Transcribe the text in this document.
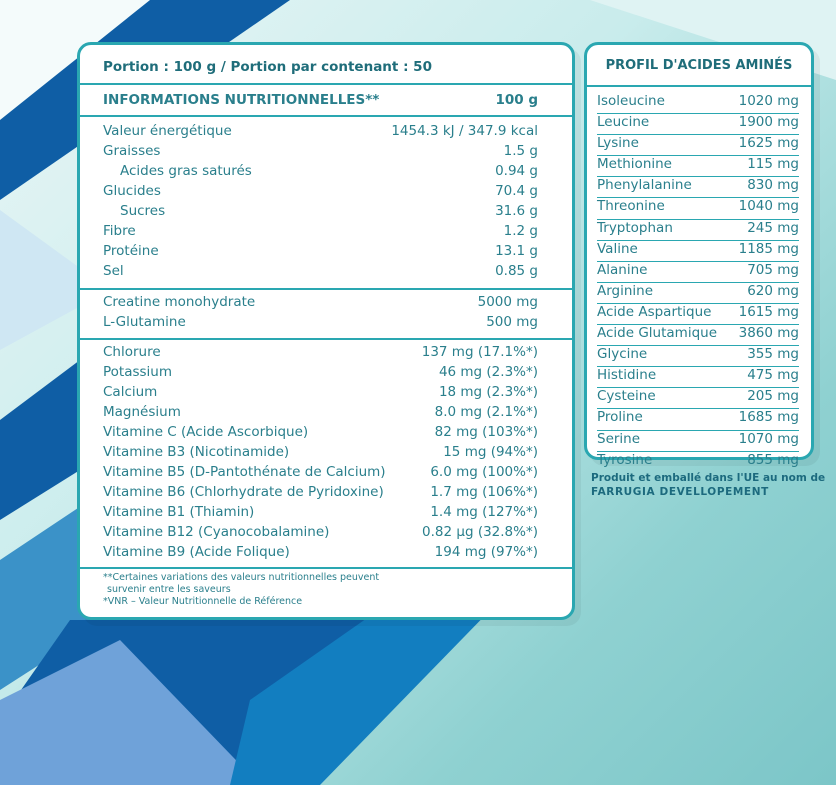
Portion : 100 g / Portion par contenant : 50
INFORMATIONS NUTRITIONNELLES**	100 g
Valeur énergétique	1454.3 kJ / 347.9 kcal
Graisses	1.5 g
Acides gras saturés	0.94 g
Glucides	70.4 g
Sucres	31.6 g
Fibre	1.2 g
Protéine	13.1 g
Sel	0.85 g
Creatine monohydrate	5000 mg
L-Glutamine	500 mg
Chlorure	137 mg (17.1%*)
Potassium	46 mg (2.3%*)
Calcium	18 mg (2.3%*)
Magnésium	8.0 mg (2.1%*)
Vitamine C (Acide Ascorbique)	82 mg (103%*)
Vitamine B3 (Nicotinamide)	15 mg (94%*)
Vitamine B5 (D-Pantothénate de Calcium)	6.0 mg (100%*)
Vitamine B6 (Chlorhydrate de Pyridoxine)	1.7 mg (106%*)
Vitamine B1 (Thiamin)	1.4 mg (127%*)
Vitamine B12 (Cyanocobalamine)	0.82 µg (32.8%*)
Vitamine B9 (Acide Folique)	194 mg (97%*)
**Certaines variations des valeurs nutritionnelles peuvent
survenir entre les saveurs
*VNR – Valeur Nutritionnelle de Référence
PROFIL D'ACIDES AMINÉS
Isoleucine	1020 mg
Leucine	1900 mg
Lysine	1625 mg
Methionine	115 mg
Phenylalanine	830 mg
Threonine	1040 mg
Tryptophan	245 mg
Valine	1185 mg
Alanine	705 mg
Arginine	620 mg
Acide Aspartique 1615 mg
Acide Glutamique 3860 mg
Glycine	355 mg
Histidine	475 mg
Cysteine	205 mg
Proline	1685 mg
Serine	1070 mg
Tyrosine	855 mg
Produit et emballé dans l'UE au nom de
FARRUGIA DEVELLOPEMENT
